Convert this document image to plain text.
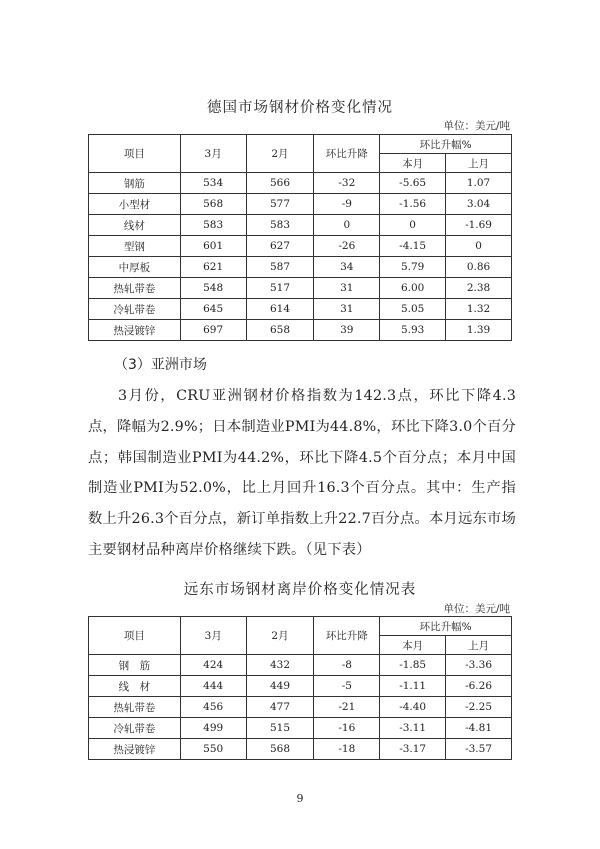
德国市场钢材价格变化情况
单位：美元/吨
项目	3月	2月	环比升降	环比升幅%	
				本月	上月
钢筋	534	566	-32	-5.65	1.07
小型材	568	577	-9	-1.56	3.04
线材	583	583	0	0	-1.69
型钢	601	627	-26	-4.15	0
中厚板	621	587	34	5.79	0.86
热轧带卷	548	517	31	6.00	2.38
冷轧带卷	645	614	31	5.05	1.32
热浸镀锌	697	658	39	5.93	1.39
（3）亚洲市场
3月份，CRU亚洲钢材价格指数为142.3点，环比下降4.3点，降幅为2.9%；日本制造业PMI为44.8%，环比下降3.0个百分点；韩国制造业PMI为44.2%，环比下降4.5个百分点；本月中国制造业PMI为52.0%，比上月回升16.3个百分点。其中：生产指数上升26.3个百分点，新订单指数上升22.7百分点。本月远东市场主要钢材品种离岸价格继续下跌。（见下表）
远东市场钢材离岸价格变化情况表
单位：美元/吨
项目	3月	2月	环比升降	环比升幅%	
				本月	上月
钢　筋	424	432	-8	-1.85	-3.36
线　材	444	449	-5	-1.11	-6.26
热轧带卷	456	477	-21	-4.40	-2.25
冷轧带卷	499	515	-16	-3.11	-4.81
热浸镀锌	550	568	-18	-3.17	-3.57
9
